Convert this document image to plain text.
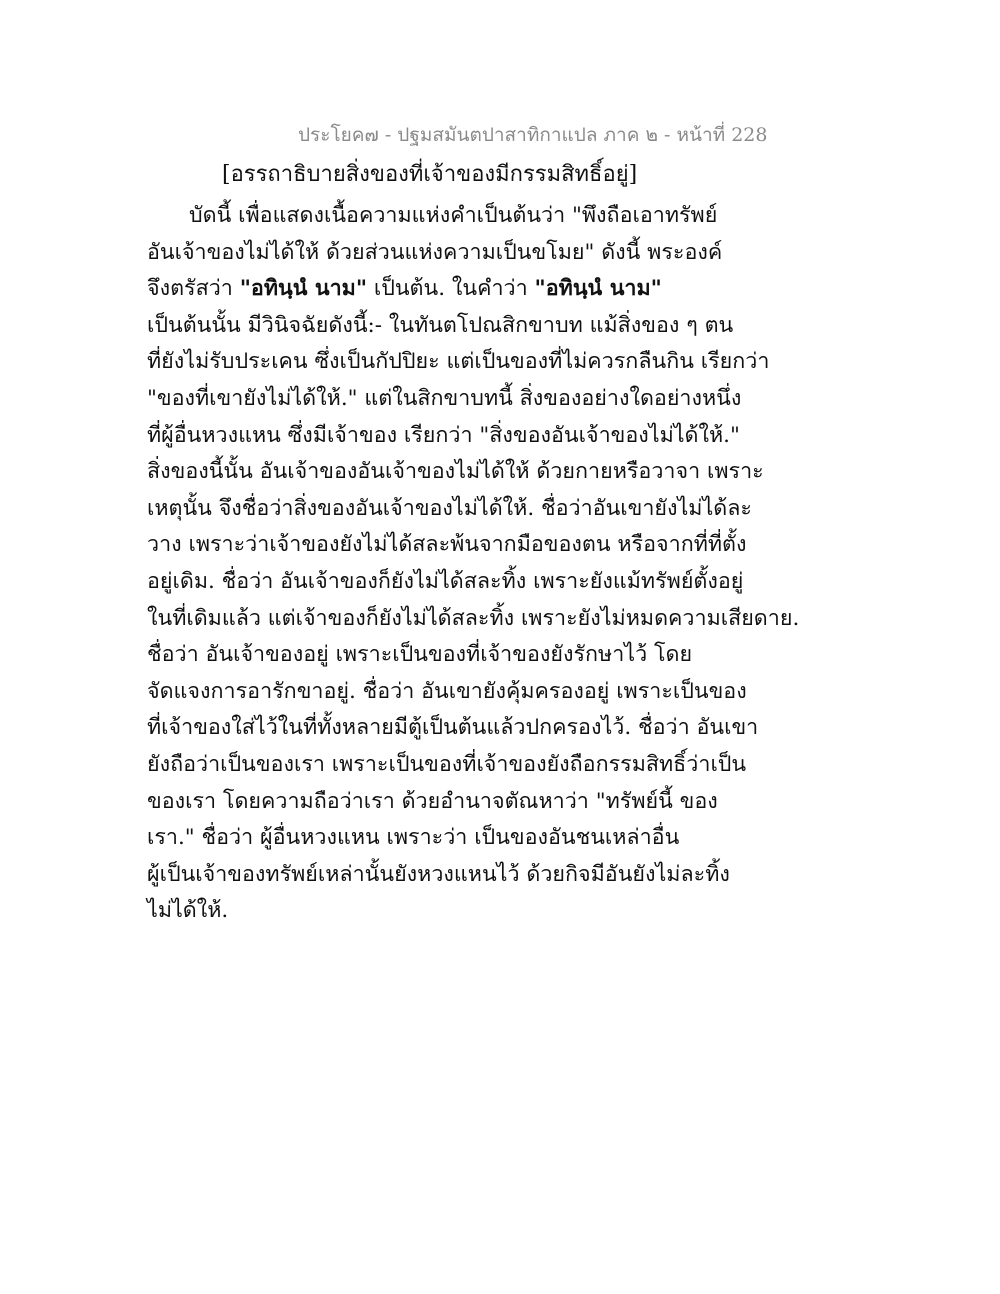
ประโยค๗ - ปฐมสมันตปาสาทิกาแปล ภาค ๒ - หน้าที่ 228
[อรรถาธิบายสิ่งของที่เจ้าของมีกรรมสิทธิ์อยู่]
บัดนี้ เพื่อแสดงเนื้อความแห่งคำเป็นต้นว่า "พึงถือเอาทรัพย์
อันเจ้าของไม่ได้ให้ ด้วยส่วนแห่งความเป็นขโมย" ดังนี้ พระองค์
จึงตรัสว่า "อทินฺนํ นาม" เป็นต้น. ในคำว่า "อทินฺนํ นาม"
เป็นต้นนั้น มีวินิจฉัยดังนี้:- ในทันตโปณสิกขาบท แม้สิ่งของ ๆ ตน
ที่ยังไม่รับประเคน ซึ่งเป็นกัปปิยะ แต่เป็นของที่ไม่ควรกลืนกิน เรียกว่า
"ของที่เขายังไม่ได้ให้." แต่ในสิกขาบทนี้ สิ่งของอย่างใดอย่างหนึ่ง
ที่ผู้อื่นหวงแหน ซึ่งมีเจ้าของ เรียกว่า "สิ่งของอันเจ้าของไม่ได้ให้."
สิ่งของนี้นั้น อันเจ้าของอันเจ้าของไม่ได้ให้ ด้วยกายหรือวาจา เพราะ
เหตุนั้น จึงชื่อว่าสิ่งของอันเจ้าของไม่ได้ให้. ชื่อว่าอันเขายังไม่ได้ละ
วาง เพราะว่าเจ้าของยังไม่ได้สละพ้นจากมือของตน หรือจากที่ที่ตั้ง
อยู่เดิม. ชื่อว่า อันเจ้าของก็ยังไม่ได้สละทิ้ง เพราะยังแม้ทรัพย์ตั้งอยู่
ในที่เดิมแล้ว แต่เจ้าของก็ยังไม่ได้สละทิ้ง เพราะยังไม่หมดความเสียดาย.
ชื่อว่า อันเจ้าของอยู่ เพราะเป็นของที่เจ้าของยังรักษาไว้ โดย
จัดแจงการอารักขาอยู่. ชื่อว่า อันเขายังคุ้มครองอยู่ เพราะเป็นของ
ที่เจ้าของใส่ไว้ในที่ทั้งหลายมีตู้เป็นต้นแล้วปกครองไว้. ชื่อว่า อันเขา
ยังถือว่าเป็นของเรา เพราะเป็นของที่เจ้าของยังถือกรรมสิทธิ์ว่าเป็น
ของเรา โดยความถือว่าเรา ด้วยอำนาจตัณหาว่า "ทรัพย์นี้ ของ
เรา." ชื่อว่า ผู้อื่นหวงแหน เพราะว่า เป็นของอันชนเหล่าอื่น
ผู้เป็นเจ้าของทรัพย์เหล่านั้นยังหวงแหนไว้ ด้วยกิจมีอันยังไม่ละทิ้ง
ไม่ได้ให้.
